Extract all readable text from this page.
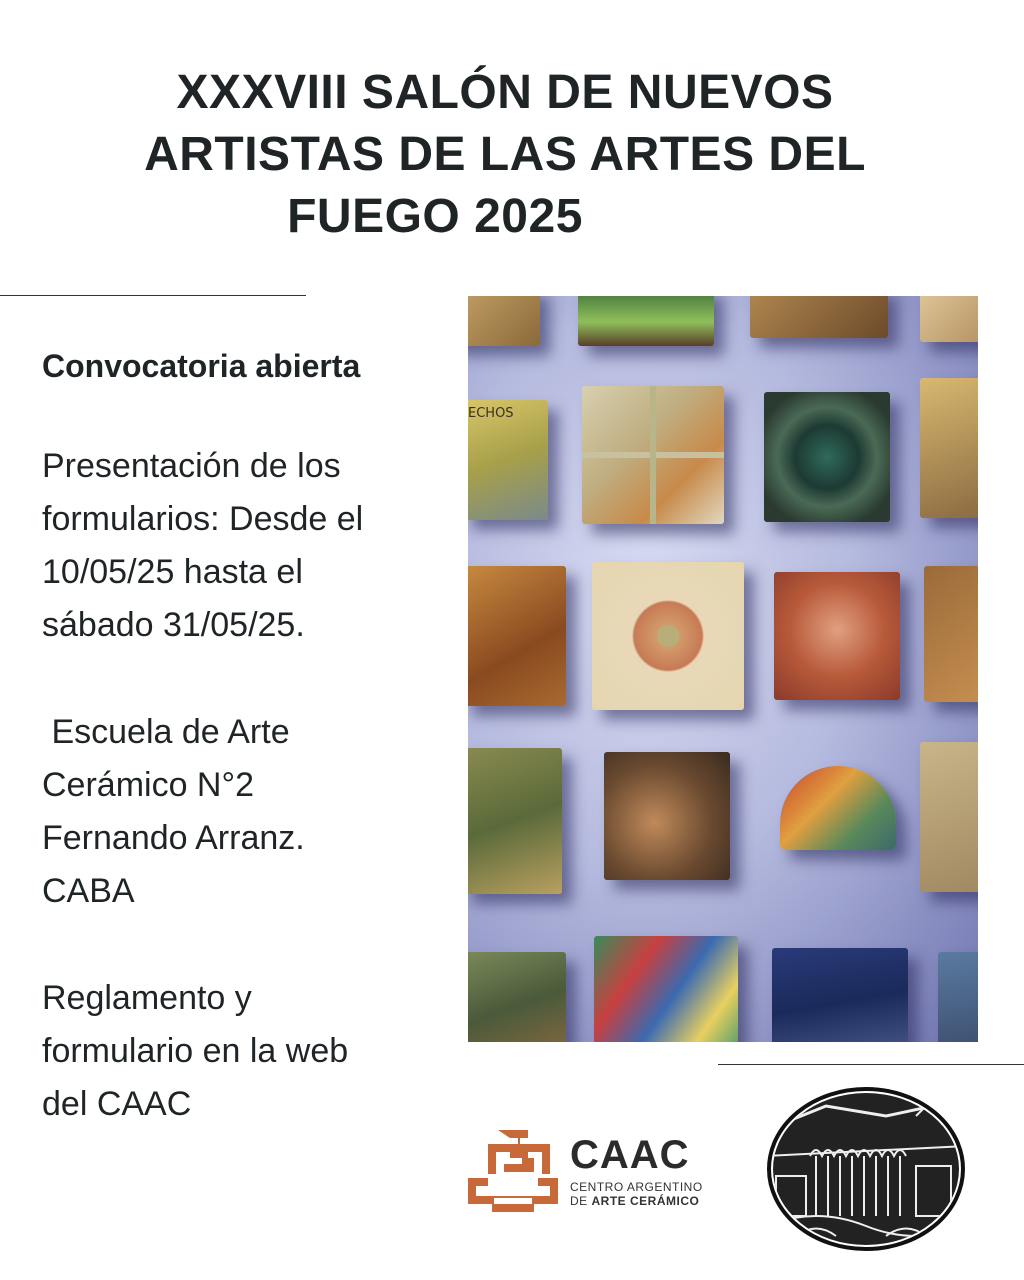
XXXVIII SALÓN DE NUEVOS
ARTISTAS DE LAS ARTES DEL
FUEGO 2025
Convocatoria abierta

Presentación de los
formularios: Desde el
10/05/25 hasta el
sábado 31/05/25.

Escuela de Arte
Cerámico N°2
Fernando Arranz.
CABA

Reglamento y
formulario en la web
del CAAC

ECHOS
CAAC
CENTRO ARGENTINO
DE ARTE CERÁMICO
